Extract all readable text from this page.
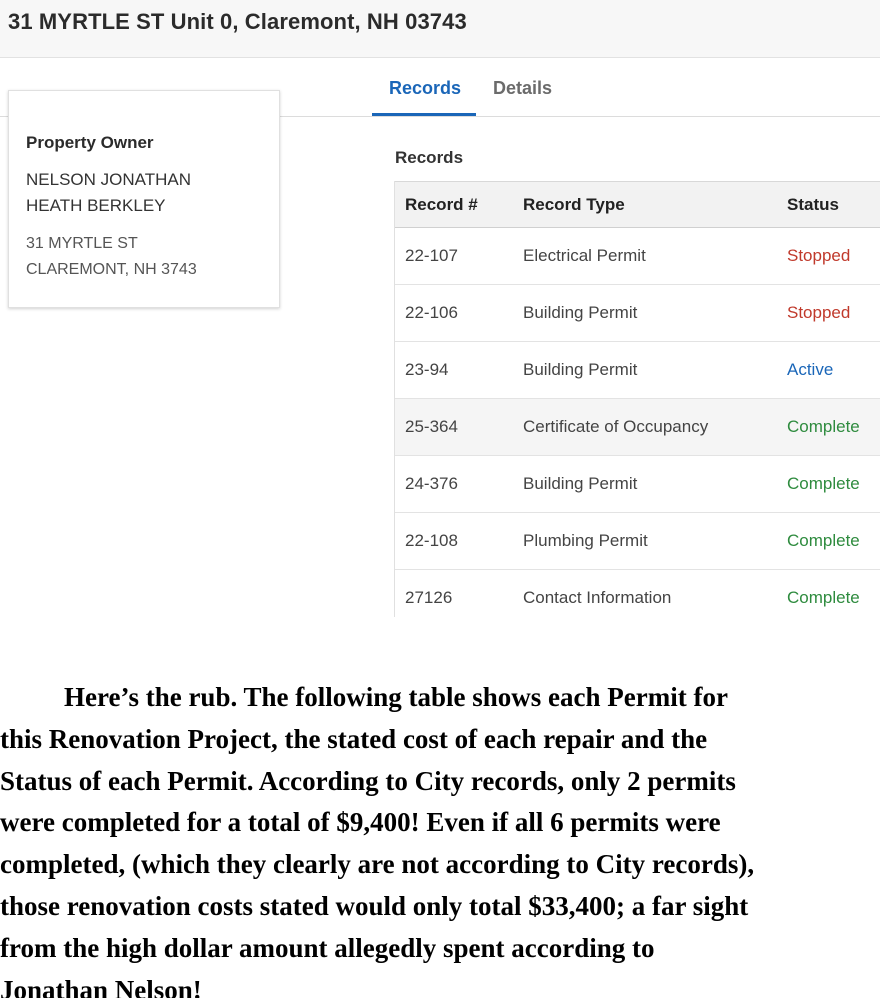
31 MYRTLE ST Unit 0, Claremont, NH 03743
Records Details
Property Owner
NELSON JONATHAN
HEATH BERKLEY
31 MYRTLE ST
CLAREMONT, NH 3743
Records
Record #	Record Type	Status
22-107	Electrical Permit	Stopped
22-106	Building Permit	Stopped
23-94	Building Permit	Active
25-364	Certificate of Occupancy	Complete
24-376	Building Permit	Complete
22-108	Plumbing Permit	Complete
27126	Contact Information	Complete
Here’s the rub. The following table shows each Permit for
this Renovation Project, the stated cost of each repair and the
Status of each Permit. According to City records, only 2 permits
were completed for a total of $9,400! Even if all 6 permits were
completed, (which they clearly are not according to City records),
those renovation costs stated would only total $33,400; a far sight
from the high dollar amount allegedly spent according to
Jonathan Nelson!
